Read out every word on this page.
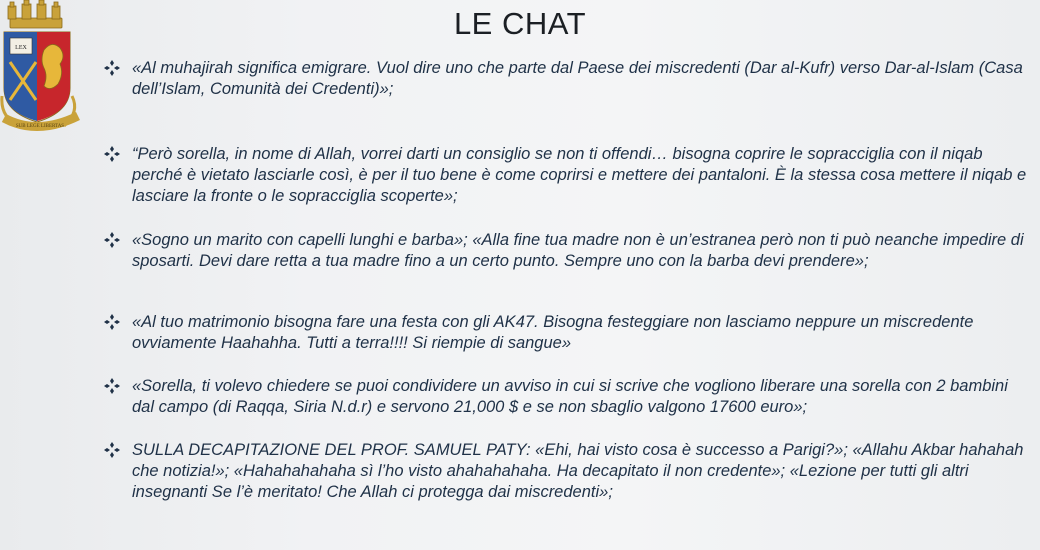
LEX
SUB LEGE LIBERTAS
LE CHAT
«Al muhajirah significa emigrare. Vuol dire uno che parte dal Paese dei miscredenti (Dar al-Kufr) verso Dar-al-Islam (Casa dell’Islam, Comunità dei Credenti)»;
“Però sorella, in nome di Allah, vorrei darti un consiglio se non ti offendi… bisogna coprire le sopracciglia con il niqab perché è vietato lasciarle così, è per il tuo bene è come coprirsi e mettere dei pantaloni. È la stessa cosa mettere il niqab e lasciare la fronte o le sopracciglia scoperte»;
«Sogno un marito con capelli lunghi e barba»; «Alla fine tua madre non è un’estranea però non ti può neanche impedire di sposarti. Devi dare retta a tua madre fino a un certo punto. Sempre uno con la barba devi prendere»;
«Al tuo matrimonio bisogna fare una festa con gli AK47. Bisogna festeggiare non lasciamo neppure un miscredente ovviamente Haahahha. Tutti a terra!!!! Si riempie di sangue»
«Sorella, ti volevo chiedere se puoi condividere un avviso in cui si scrive che vogliono liberare una sorella con 2 bambini dal campo (di Raqqa, Siria N.d.r) e servono 21,000 $ e se non sbaglio valgono 17600 euro»;
SULLA DECAPITAZIONE DEL PROF. SAMUEL PATY: «Ehi, hai visto cosa è successo a Parigi?»; «Allahu Akbar hahahah che notizia!»; «Hahahahahaha sì l’ho visto ahahahahaha. Ha decapitato il non credente»; «Lezione per tutti gli altri insegnanti Se l’è meritato! Che Allah ci protegga dai miscredenti»;
